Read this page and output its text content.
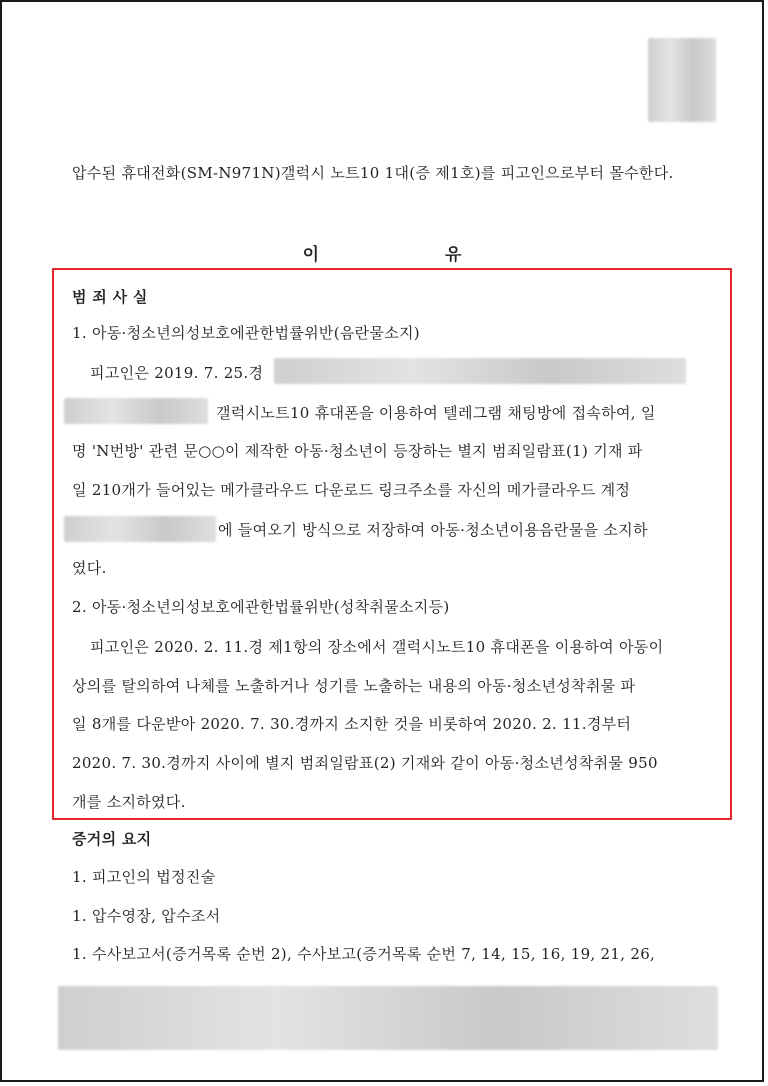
압수된 휴대전화(SM-N971N)갤럭시 노트10 1대(증 제1호)를 피고인으로부터 몰수한다.
이 유
범 죄 사 실
1. 아동·청소년의성보호에관한법률위반(음란물소지)
피고인은 2019. 7. 25.경
갤럭시노트10 휴대폰을 이용하여 텔레그램 채팅방에 접속하여, 일
명 'N번방' 관련 문○○이 제작한 아동·청소년이 등장하는 별지 범죄일람표(1) 기재 파
일 210개가 들어있는 메가클라우드 다운로드 링크주소를 자신의 메가클라우드 계정
에 들여오기 방식으로 저장하여 아동·청소년이용음란물을 소지하
였다.
2. 아동·청소년의성보호에관한법률위반(성착취물소지등)
피고인은 2020. 2. 11.경 제1항의 장소에서 갤럭시노트10 휴대폰을 이용하여 아동이
상의를 탈의하여 나체를 노출하거나 성기를 노출하는 내용의 아동·청소년성착취물 파
일 8개를 다운받아 2020. 7. 30.경까지 소지한 것을 비롯하여 2020. 2. 11.경부터
2020. 7. 30.경까지 사이에 별지 범죄일람표(2) 기재와 같이 아동·청소년성착취물 950
개를 소지하였다.
증거의 요지
1. 피고인의 법정진술
1. 압수영장, 압수조서
1. 수사보고서(증거목록 순번 2), 수사보고(증거목록 순번 7, 14, 15, 16, 19, 21, 26,
